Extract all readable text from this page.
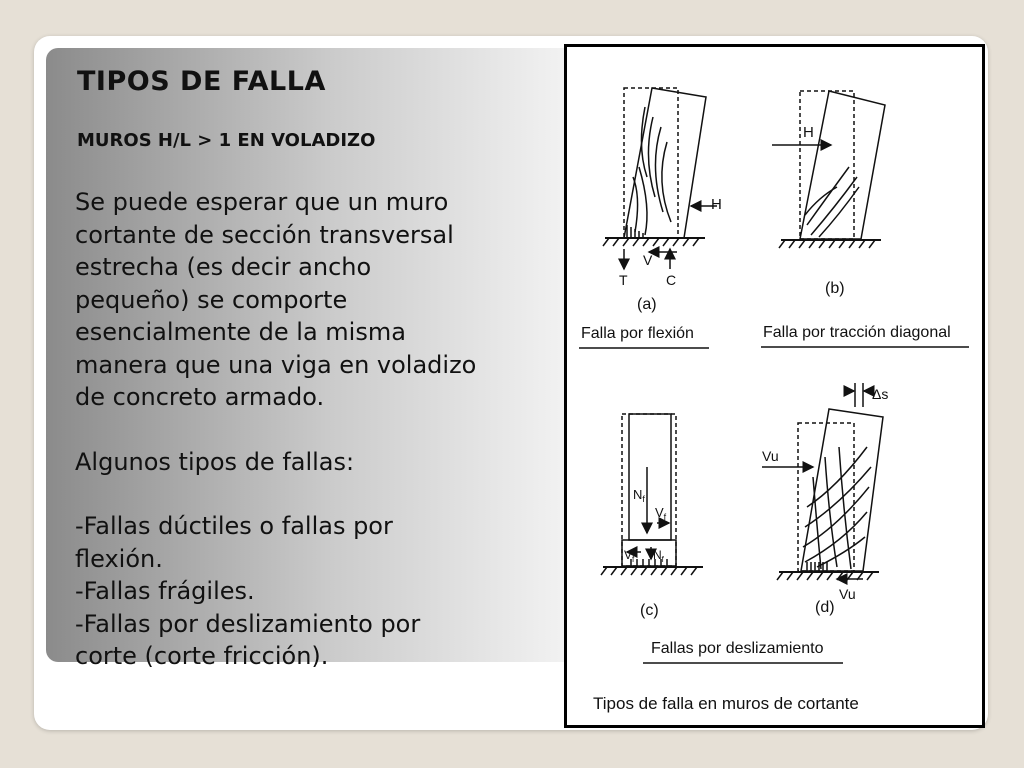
TIPOS DE FALLA
MUROS H/L > 1 EN VOLADIZO

Se puede esperar que un muro

cortante de sección transversal

estrecha (es decir ancho

pequeño) se comporte

esencialmente de la misma

manera que una viga en voladizo

de concreto armado.

Algunos tipos de fallas:

-Fallas dúctiles o fallas por

flexión.

-Fallas frágiles.

-Fallas por deslizamiento por

corte (corte fricción).

H
T
V
C
(a)
Falla por flexión
H
(b)
Falla por tracción diagonal
$N_f$
$V_f$
$V_f$ $N_f$
(c)
Vu
Vu
Δs
(d)
Fallas por deslizamiento
Tipos de falla en muros de cortante
